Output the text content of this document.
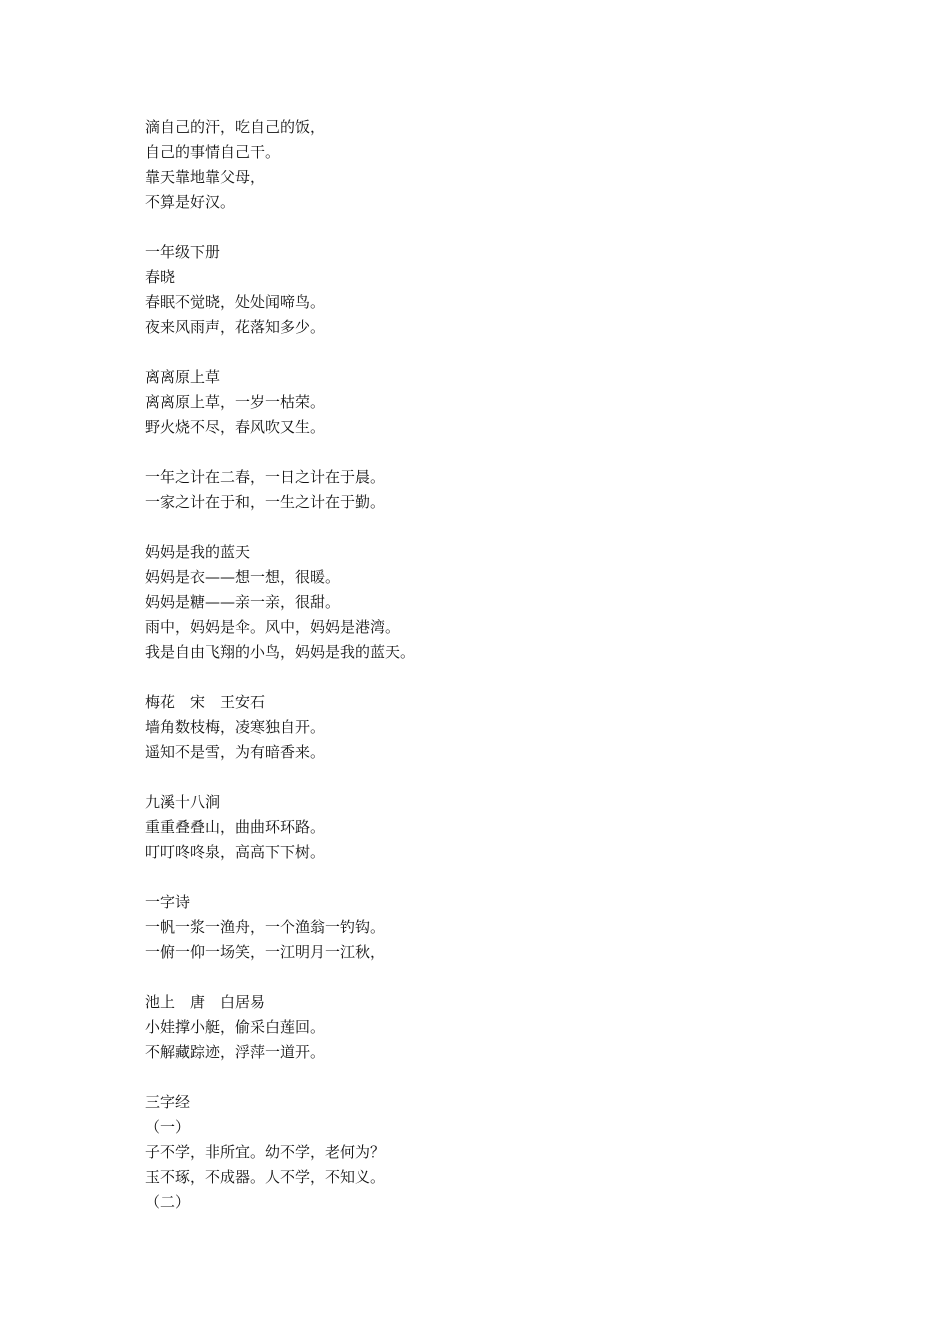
滴自己的汗，吃自己的饭，
自己的事情自己干。
靠天靠地靠父母，
不算是好汉。
一年级下册
春晓
春眠不觉晓，处处闻啼鸟。
夜来风雨声，花落知多少。
离离原上草
离离原上草，一岁一枯荣。
野火烧不尽，春风吹又生。
一年之计在二春，一日之计在于晨。
一家之计在于和，一生之计在于勤。
妈妈是我的蓝天
妈妈是衣——想一想，很暖。
妈妈是糖——亲一亲，很甜。
雨中，妈妈是伞。风中，妈妈是港湾。
我是自由飞翔的小鸟，妈妈是我的蓝天。
梅花　宋　王安石
墙角数枝梅，凌寒独自开。
遥知不是雪，为有暗香来。
九溪十八涧
重重叠叠山，曲曲环环路。
叮叮咚咚泉，高高下下树。
一字诗
一帆一浆一渔舟，一个渔翁一钓钩。
一俯一仰一场笑，一江明月一江秋，
池上　唐　白居易
小娃撑小艇，偷采白莲回。
不解藏踪迹，浮萍一道开。
三字经
（一）
子不学，非所宜。幼不学，老何为？
玉不琢，不成器。人不学，不知义。
（二）
